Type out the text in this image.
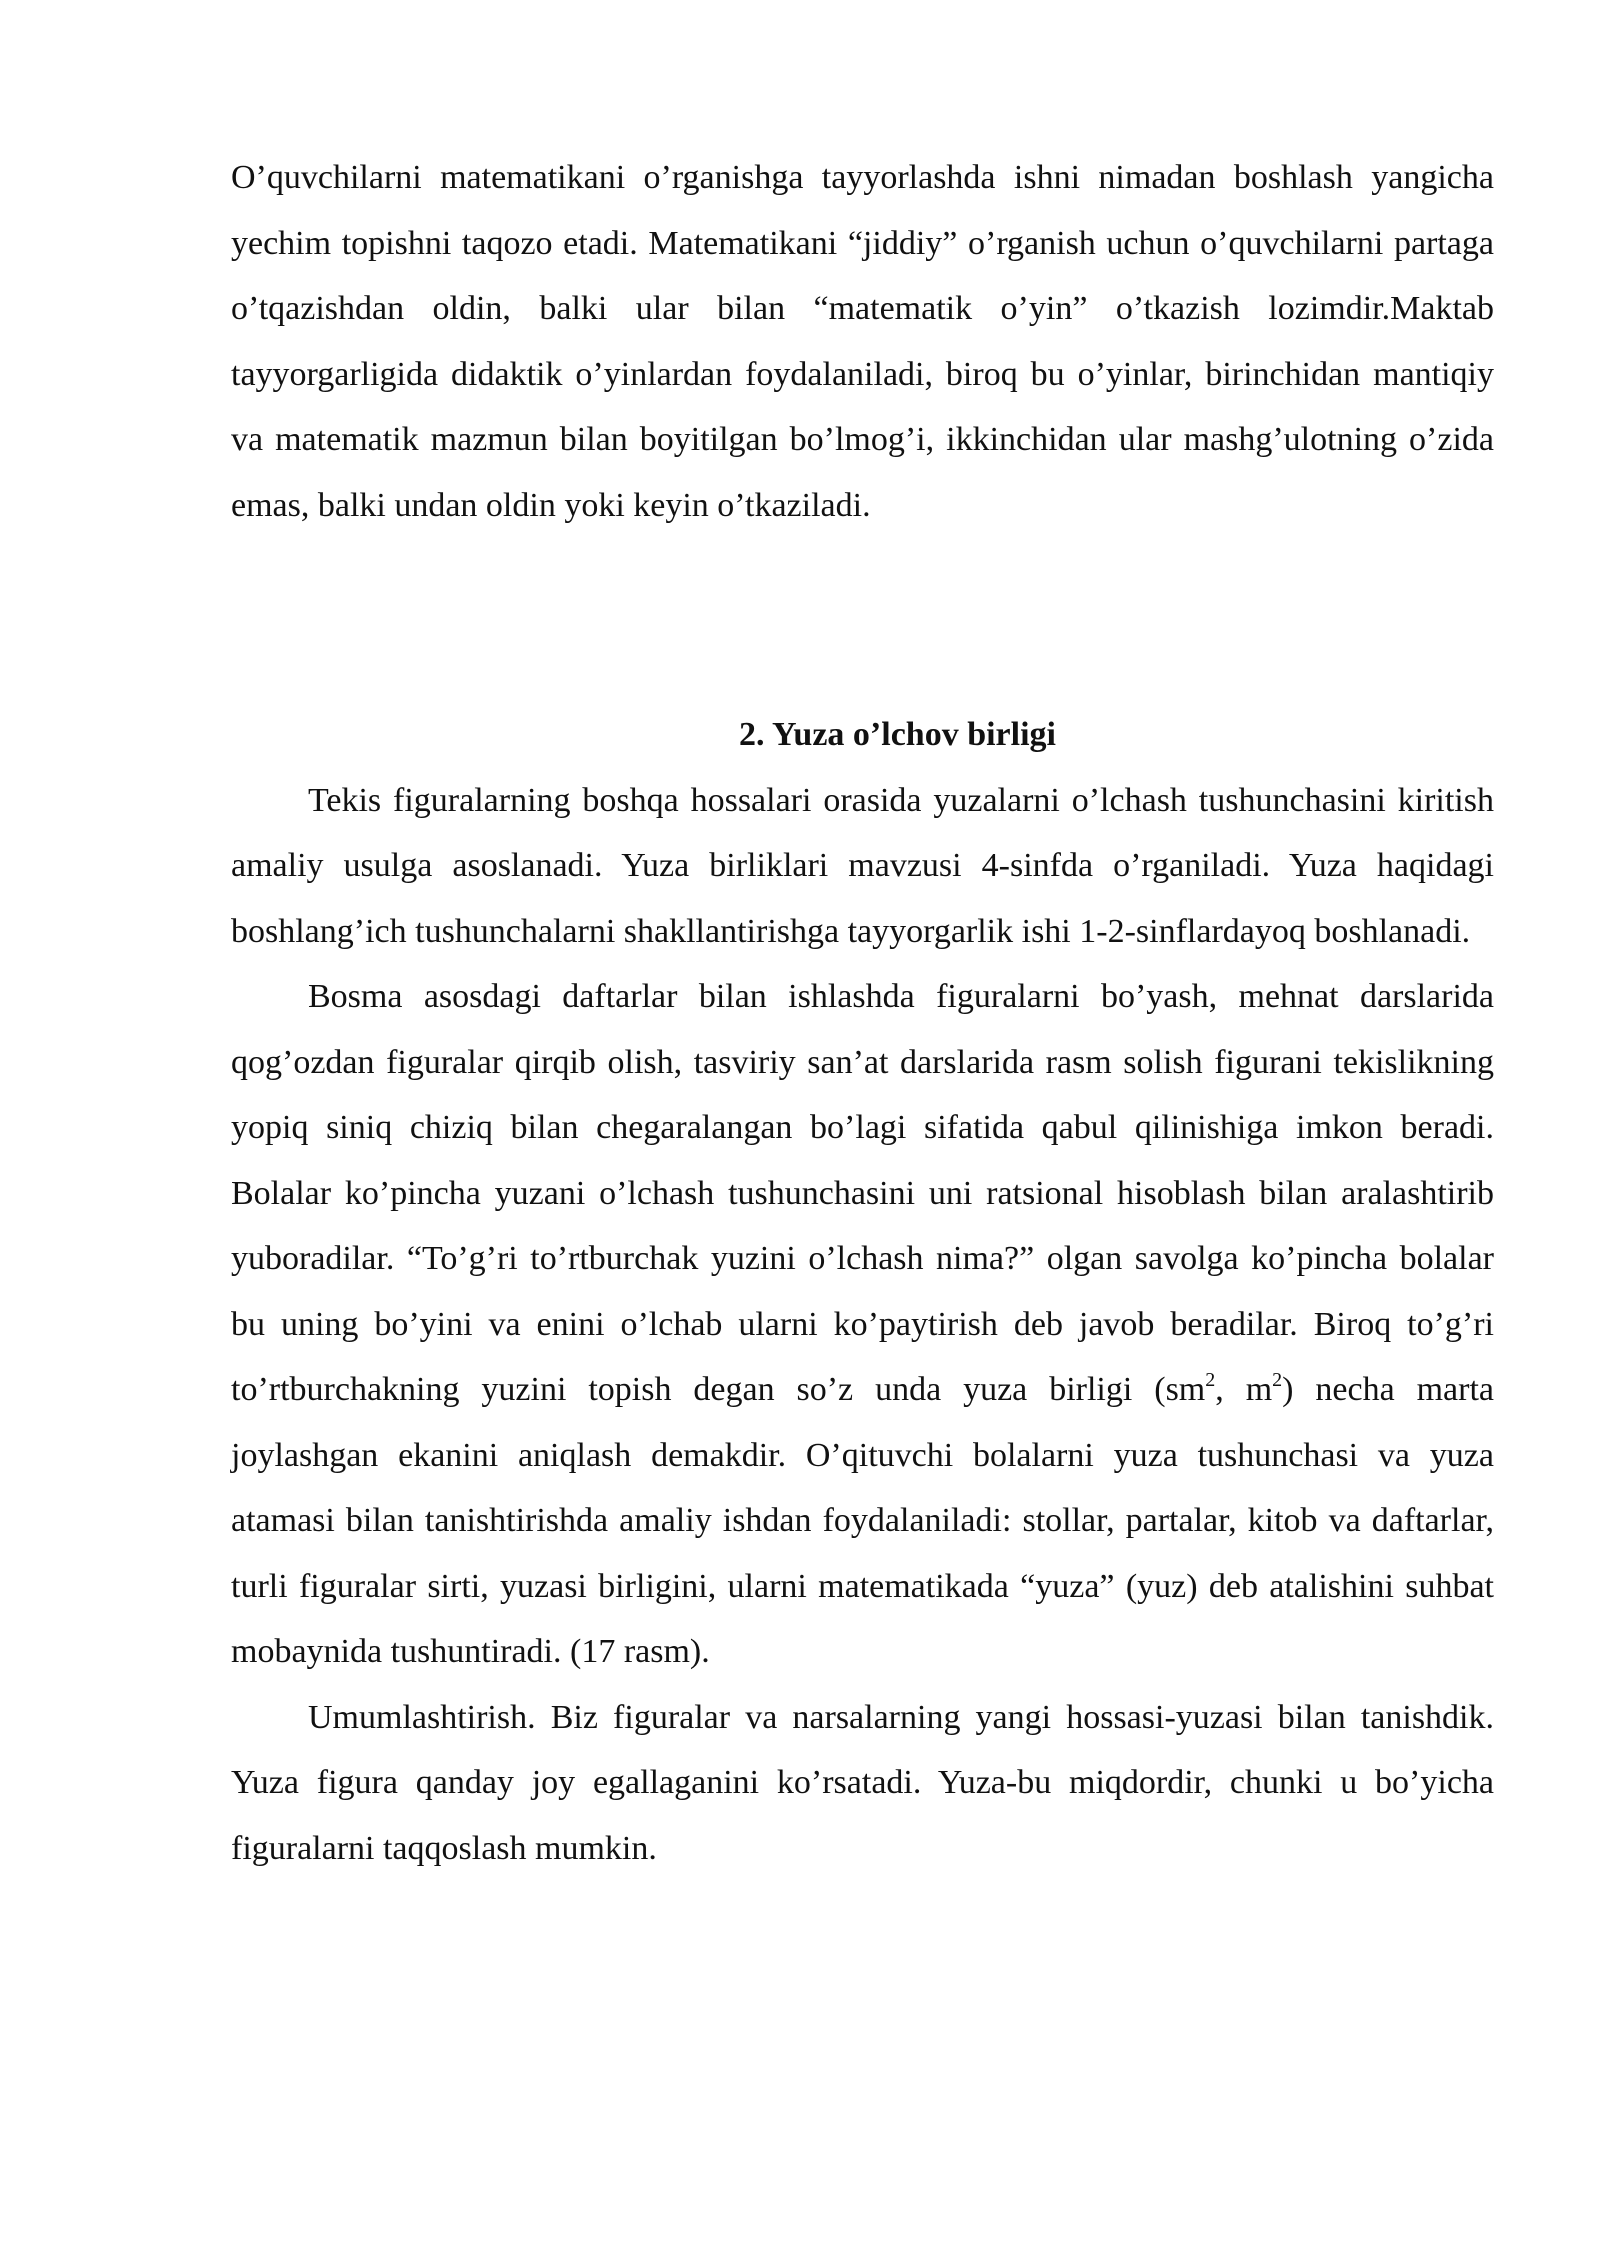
O’quvchilarni matematikani o’rganishga tayyorlashda ishni nimadan boshlash yangicha yechim topishni taqozo etadi. Matematikani “jiddiy” o’rganish uchun o’quvchilarni partaga o’tqazishdan oldin, balki ular bilan “matematik o’yin” o’tkazish lozimdir.Maktab tayyorgarligida didaktik o’yinlardan foydalaniladi, biroq bu o’yinlar, birinchidan mantiqiy va matematik mazmun bilan boyitilgan bo’lmog’i, ikkinchidan ular mashg’ulotning o’zida emas, balki undan oldin yoki keyin o’tkaziladi.

2. Yuza o’lchov birligi

Tekis figuralarning boshqa hossalari orasida yuzalarni o’lchash tushunchasini kiritish amaliy usulga asoslanadi. Yuza birliklari mavzusi 4-sinfda o’rganiladi. Yuza haqidagi boshlang’ich tushunchalarni shakllantirishga tayyorgarlik ishi 1-2-sinflardayoq boshlanadi.

Bosma asosdagi daftarlar bilan ishlashda figuralarni bo’yash, mehnat darslarida qog’ozdan figuralar qirqib olish, tasviriy san’at darslarida rasm solish figurani tekislikning yopiq siniq chiziq bilan chegaralangan bo’lagi sifatida qabul qilinishiga imkon beradi. Bolalar ko’pincha yuzani o’lchash tushunchasini uni ratsional hisoblash bilan aralashtirib yuboradilar. “To’g’ri to’rtburchak yuzini o’lchash nima?” olgan savolga ko’pincha bolalar bu uning bo’yini va enini o’lchab ularni ko’paytirish deb javob beradilar. Biroq to’g’ri to’rtburchakning yuzini topish degan so’z unda yuza birligi ($sm^2$, $m^2$) necha marta joylashgan ekanini aniqlash demakdir. O’qituvchi bolalarni yuza tushunchasi va yuza atamasi bilan tanishtirishda amaliy ishdan foydalaniladi: stollar, partalar, kitob va daftarlar, turli figuralar sirti, yuzasi birligini, ularni matematikada “yuza” (yuz) deb atalishini suhbat mobaynida tushuntiradi. (17 rasm).

Umumlashtirish. Biz figuralar va narsalarning yangi hossasi-yuzasi bilan tanishdik. Yuza figura qanday joy egallaganini ko’rsatadi. Yuza-bu miqdordir, chunki u bo’yicha figuralarni taqqoslash mumkin.
